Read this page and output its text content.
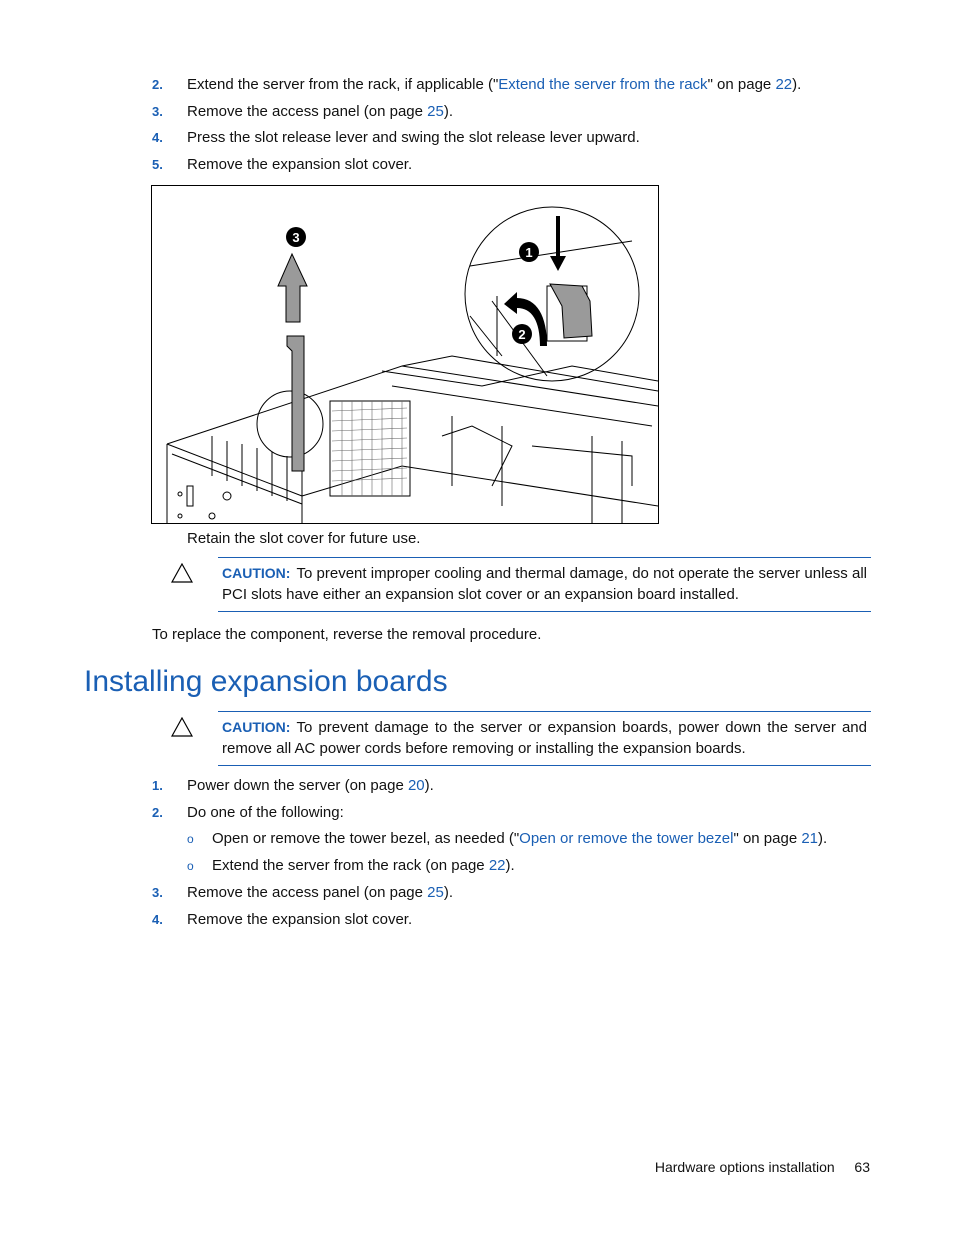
2. Extend the server from the rack, if applicable ("Extend the server from the rack" on page 22).
3. Remove the access panel (on page 25).
4. Press the slot release lever and swing the slot release lever upward.
5. Remove the expansion slot cover.
1
2
3
Retain the slot cover for future use.
CAUTION: To prevent improper cooling and thermal damage, do not operate the server unless all PCI slots have either an expansion slot cover or an expansion board installed.
To replace the component, reverse the removal procedure.
Installing expansion boards
CAUTION: To prevent damage to the server or expansion boards, power down the server and remove all AC power cords before removing or installing the expansion boards.
1. Power down the server (on page 20).
2. Do one of the following:
o Open or remove the tower bezel, as needed ("Open or remove the tower bezel" on page 21).
o Extend the server from the rack (on page 22).
3. Remove the access panel (on page 25).
4. Remove the expansion slot cover.
Hardware options installation 63
